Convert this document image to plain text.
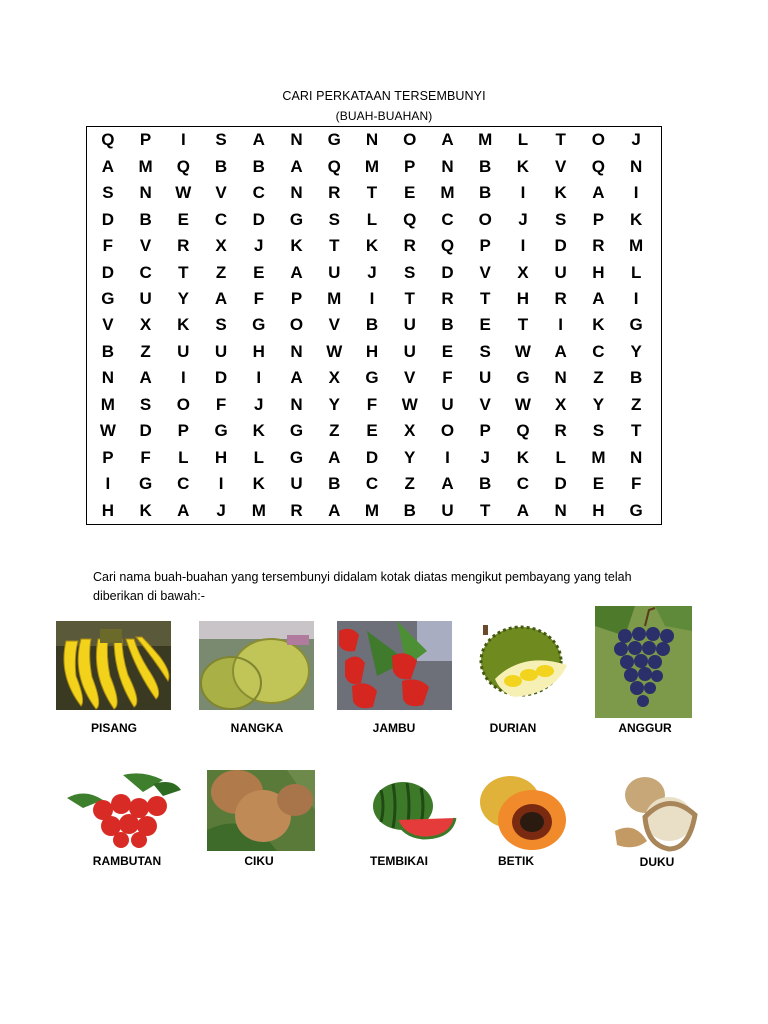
CARI PERKATAAN TERSEMBUNYI
(BUAH-BUAHAN)
Q	P	I	S	A	N	G	N	O	A	M	L	T	O	J
A	M	Q	B	B	A	Q	M	P	N	B	K	V	Q	N
S	N	W	V	C	N	R	T	E	M	B	I	K	A	I
D	B	E	C	D	G	S	L	Q	C	O	J	S	P	K
F	V	R	X	J	K	T	K	R	Q	P	I	D	R	M
D	C	T	Z	E	A	U	J	S	D	V	X	U	H	L
G	U	Y	A	F	P	M	I	T	R	T	H	R	A	I
V	X	K	S	G	O	V	B	U	B	E	T	I	K	G
B	Z	U	U	H	N	W	H	U	E	S	W	A	C	Y
N	A	I	D	I	A	X	G	V	F	U	G	N	Z	B
M	S	O	F	J	N	Y	F	W	U	V	W	X	Y	Z
W	D	P	G	K	G	Z	E	X	O	P	Q	R	S	T
P	F	L	H	L	G	A	D	Y	I	J	K	L	M	N
I	G	C	I	K	U	B	C	Z	A	B	C	D	E	F
H	K	A	J	M	R	A	M	B	U	T	A	N	H	G
Cari nama buah-buahan yang tersembunyi didalam kotak diatas mengikut pembayang yang telah diberikan di bawah:-
PISANG	NANGKA	JAMBU	DURIAN	ANGGUR
RAMBUTAN	CIKU	TEMBIKAI	BETIK	DUKU
